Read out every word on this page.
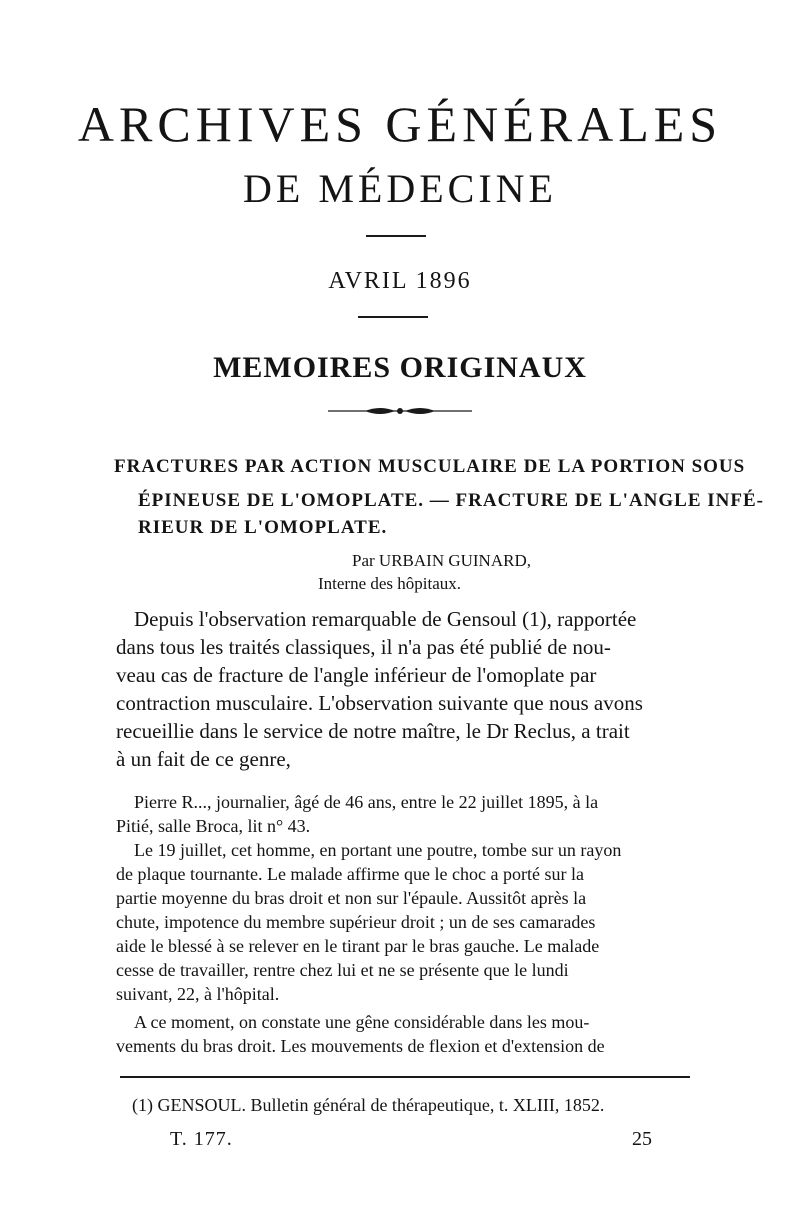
ARCHIVES GÉNÉRALES
DE MÉDECINE
AVRIL 1896
MEMOIRES ORIGINAUX
FRACTURES PAR ACTION MUSCULAIRE DE LA PORTION SOUS
ÉPINEUSE DE L'OMOPLATE. — FRACTURE DE L'ANGLE INFÉ-
RIEUR DE L'OMOPLATE.
Par URBAIN GUINARD,
Interne des hôpitaux.
Depuis l'observation remarquable de Gensoul (1), rapportée
dans tous les traités classiques, il n'a pas été publié de nou-
veau cas de fracture de l'angle inférieur de l'omoplate par
contraction musculaire. L'observation suivante que nous avons
recueillie dans le service de notre maître, le Dr Reclus, a trait
à un fait de ce genre,
Pierre R..., journalier, âgé de 46 ans, entre le 22 juillet 1895, à la
Pitié, salle Broca, lit n° 43.
Le 19 juillet, cet homme, en portant une poutre, tombe sur un rayon
de plaque tournante. Le malade affirme que le choc a porté sur la
partie moyenne du bras droit et non sur l'épaule. Aussitôt après la
chute, impotence du membre supérieur droit ; un de ses camarades
aide le blessé à se relever en le tirant par le bras gauche. Le malade
cesse de travailler, rentre chez lui et ne se présente que le lundi
suivant, 22, à l'hôpital.
A ce moment, on constate une gêne considérable dans les mou-
vements du bras droit. Les mouvements de flexion et d'extension de
(1) GENSOUL. Bulletin général de thérapeutique, t. XLIII, 1852.
T. 177.	25
